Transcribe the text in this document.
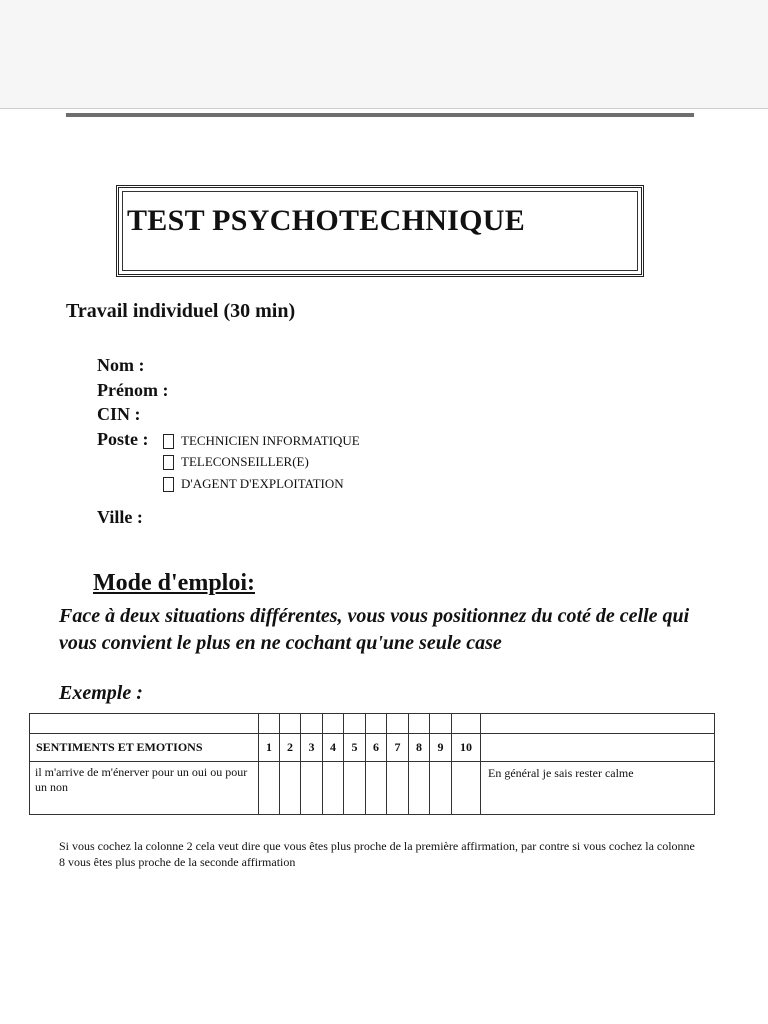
TEST PSYCHOTECHNIQUE
Travail individuel (30 min)
Nom :
Prénom :
CIN :
Poste :	TECHNICIEN INFORMATIQUE
TELECONSEILLER(E)
D'AGENT D'EXPLOITATION
Ville :
Mode d'emploi:

Face à deux situations différentes, vous vous positionnez du coté de celle qui vous convient le plus en ne cochant qu'une seule case

Exemple :

SENTIMENTS ET EMOTIONS	1	2	3	4	5	6	7	8	9	10	
il m'arrive de m'énerver pour un oui ou pour un non											En général je sais rester calme
Si vous cochez la colonne 2 cela veut dire que vous êtes plus proche de la première affirmation, par contre si vous cochez la colonne 8 vous êtes plus proche de la seconde affirmation
